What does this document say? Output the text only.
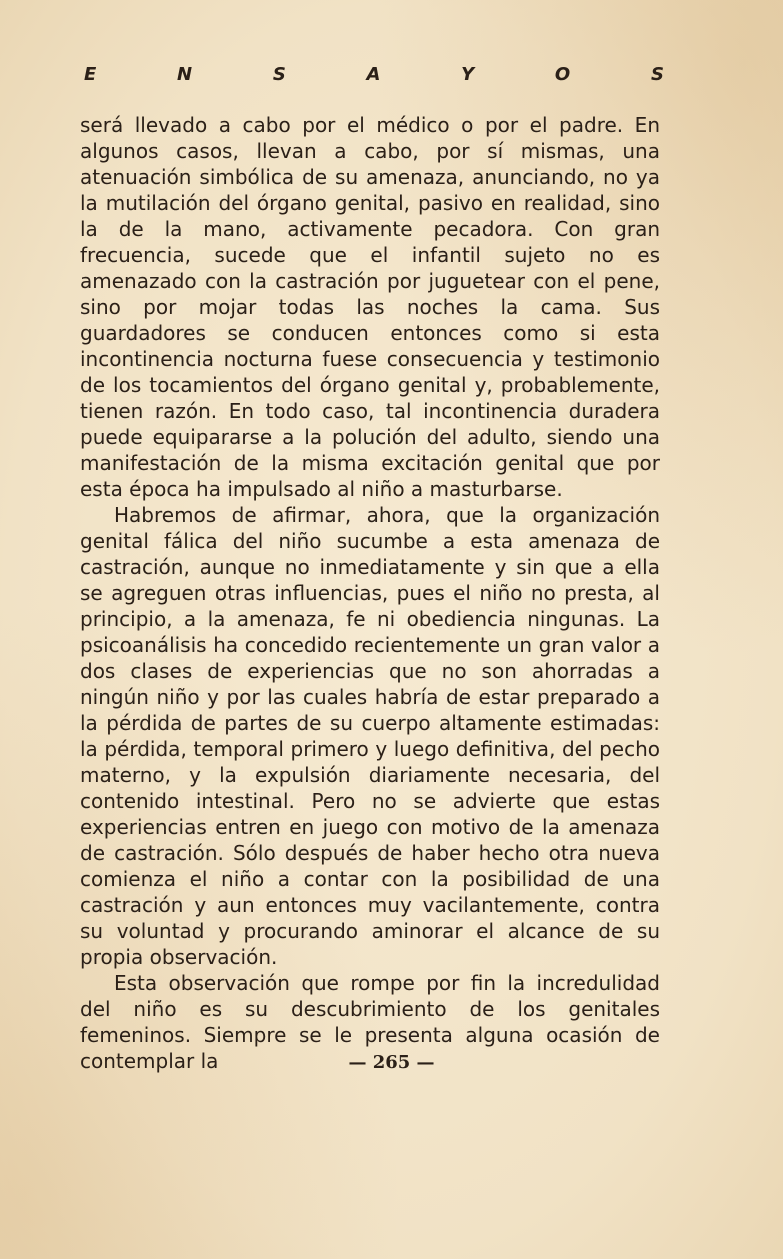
E	N	S	A	Y	O	S

será llevado a cabo por el médico o por el padre. En algunos casos, llevan a cabo, por sí mismas, una atenuación simbólica de su amenaza, anunciando, no ya la mutilación del órgano genital, pasivo en realidad, sino la de la mano, activamente pecadora. Con gran frecuencia, sucede que el infantil sujeto no es amenazado con la castración por juguetear con el pene, sino por mojar todas las noches la cama. Sus guardadores se conducen entonces como si esta incontinencia nocturna fuese consecuencia y testimonio de los tocamientos del órgano genital y, probablemente, tienen razón. En todo caso, tal incontinencia duradera puede equipararse a la polución del adulto, siendo una manifestación de la misma excitación genital que por esta época ha impulsado al niño a masturbarse.

Habremos de afirmar, ahora, que la organización genital fálica del niño sucumbe a esta amenaza de castración, aunque no inmediatamente y sin que a ella se agreguen otras influencias, pues el niño no presta, al principio, a la amenaza, fe ni obediencia ningunas. La psicoanálisis ha concedido recientemente un gran valor a dos clases de experiencias que no son ahorradas a ningún niño y por las cuales habría de estar preparado a la pérdida de partes de su cuerpo altamente estimadas: la pérdida, temporal primero y luego definitiva, del pecho materno, y la expulsión diariamente necesaria, del contenido intestinal. Pero no se advierte que estas experiencias entren en juego con motivo de la amenaza de castración. Sólo después de haber hecho otra nueva comienza el niño a contar con la posibilidad de una castración y aun entonces muy vacilantemente, contra su voluntad y procurando aminorar el alcance de su propia observación.

Esta observación que rompe por fin la incredulidad del niño es su descubrimiento de los genitales femeninos. Siempre se le presenta alguna ocasión de contemplar la	— 265 —
